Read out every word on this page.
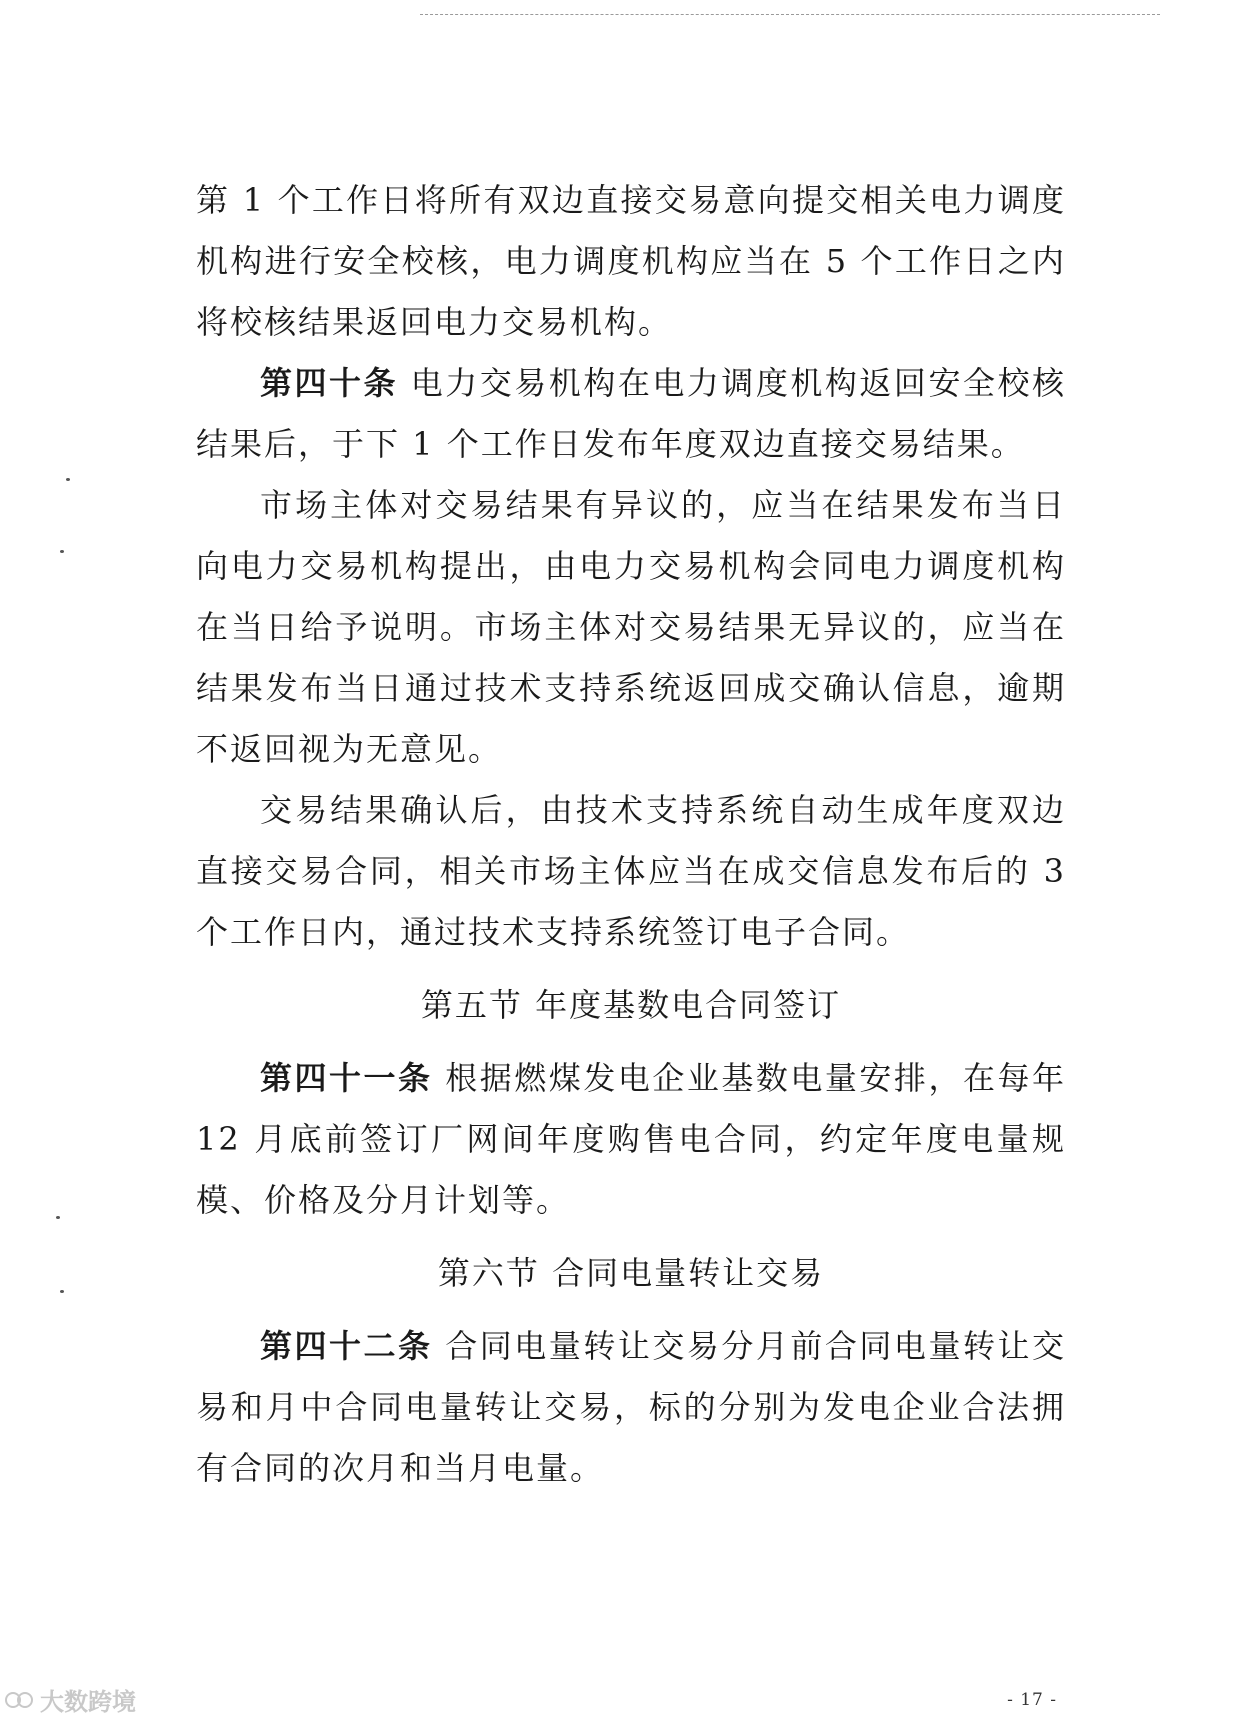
第 1 个工作日将所有双边直接交易意向提交相关电力调度机构进行安全校核，电力调度机构应当在 5 个工作日之内将校核结果返回电力交易机构。

第四十条 电力交易机构在电力调度机构返回安全校核结果后，于下 1 个工作日发布年度双边直接交易结果。

市场主体对交易结果有异议的，应当在结果发布当日向电力交易机构提出，由电力交易机构会同电力调度机构在当日给予说明。市场主体对交易结果无异议的，应当在结果发布当日通过技术支持系统返回成交确认信息，逾期不返回视为无意见。

交易结果确认后，由技术支持系统自动生成年度双边直接交易合同，相关市场主体应当在成交信息发布后的 3 个工作日内，通过技术支持系统签订电子合同。

第五节 年度基数电合同签订

第四十一条 根据燃煤发电企业基数电量安排，在每年 12 月底前签订厂网间年度购售电合同，约定年度电量规模、价格及分月计划等。

第六节 合同电量转让交易

第四十二条 合同电量转让交易分月前合同电量转让交易和月中合同电量转让交易，标的分别为发电企业合法拥有合同的次月和当月电量。

- 17 -
大数跨境
